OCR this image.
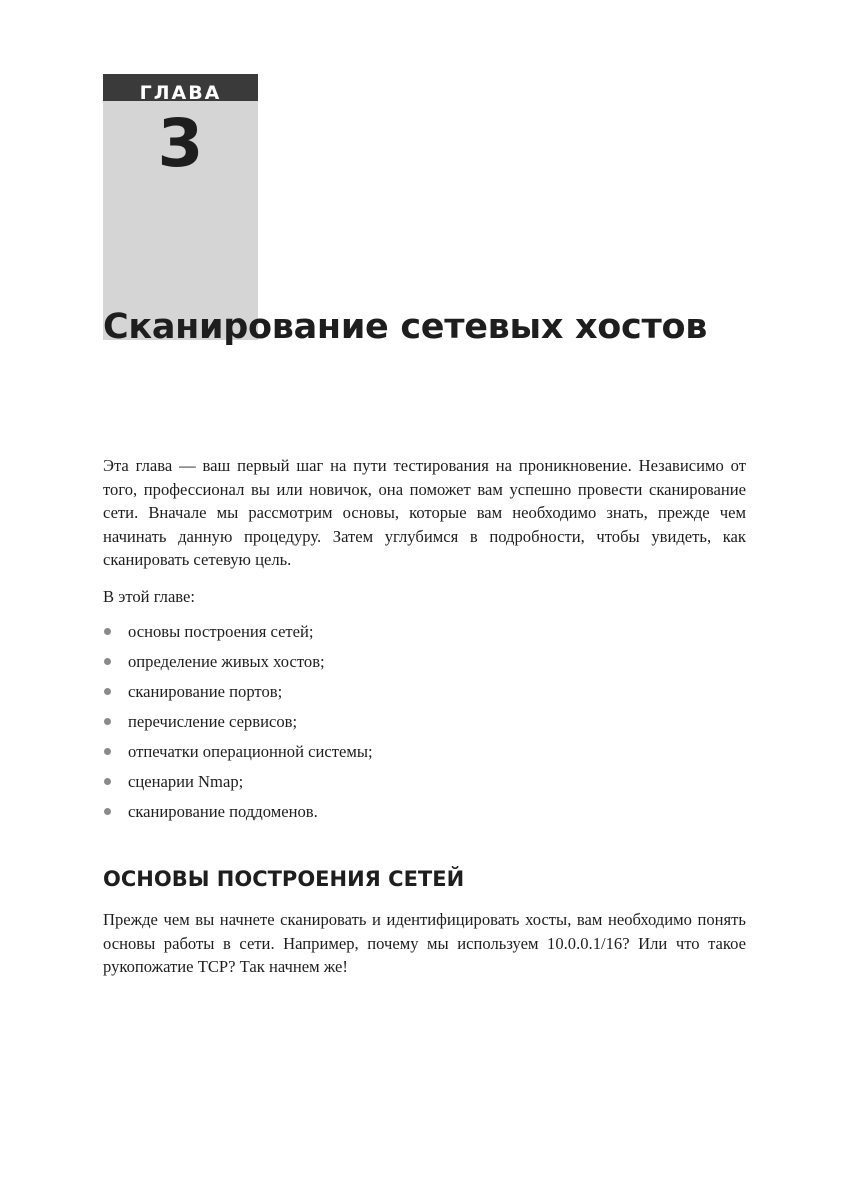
ГЛАВА
3
Сканирование сетевых хостов

Эта глава — ваш первый шаг на пути тестирования на проникновение. Независимо от того, профессионал вы или новичок, она поможет вам успешно провести сканирование сети. Вначале мы рассмотрим основы, которые вам необходимо знать, прежде чем начинать данную процедуру. Затем углубимся в подробности, чтобы увидеть, как сканировать сетевую цель.

В этой главе:

основы построения сетей;
определение живых хостов;
сканирование портов;
перечисление сервисов;
отпечатки операционной системы;
сценарии Nmap;
сканирование поддоменов.
ОСНОВЫ ПОСТРОЕНИЯ СЕТЕЙ

Прежде чем вы начнете сканировать и идентифицировать хосты, вам необходимо понять основы работы в сети. Например, почему мы используем 10.0.0.1/16? Или что такое рукопожатие TCP? Так начнем же!
